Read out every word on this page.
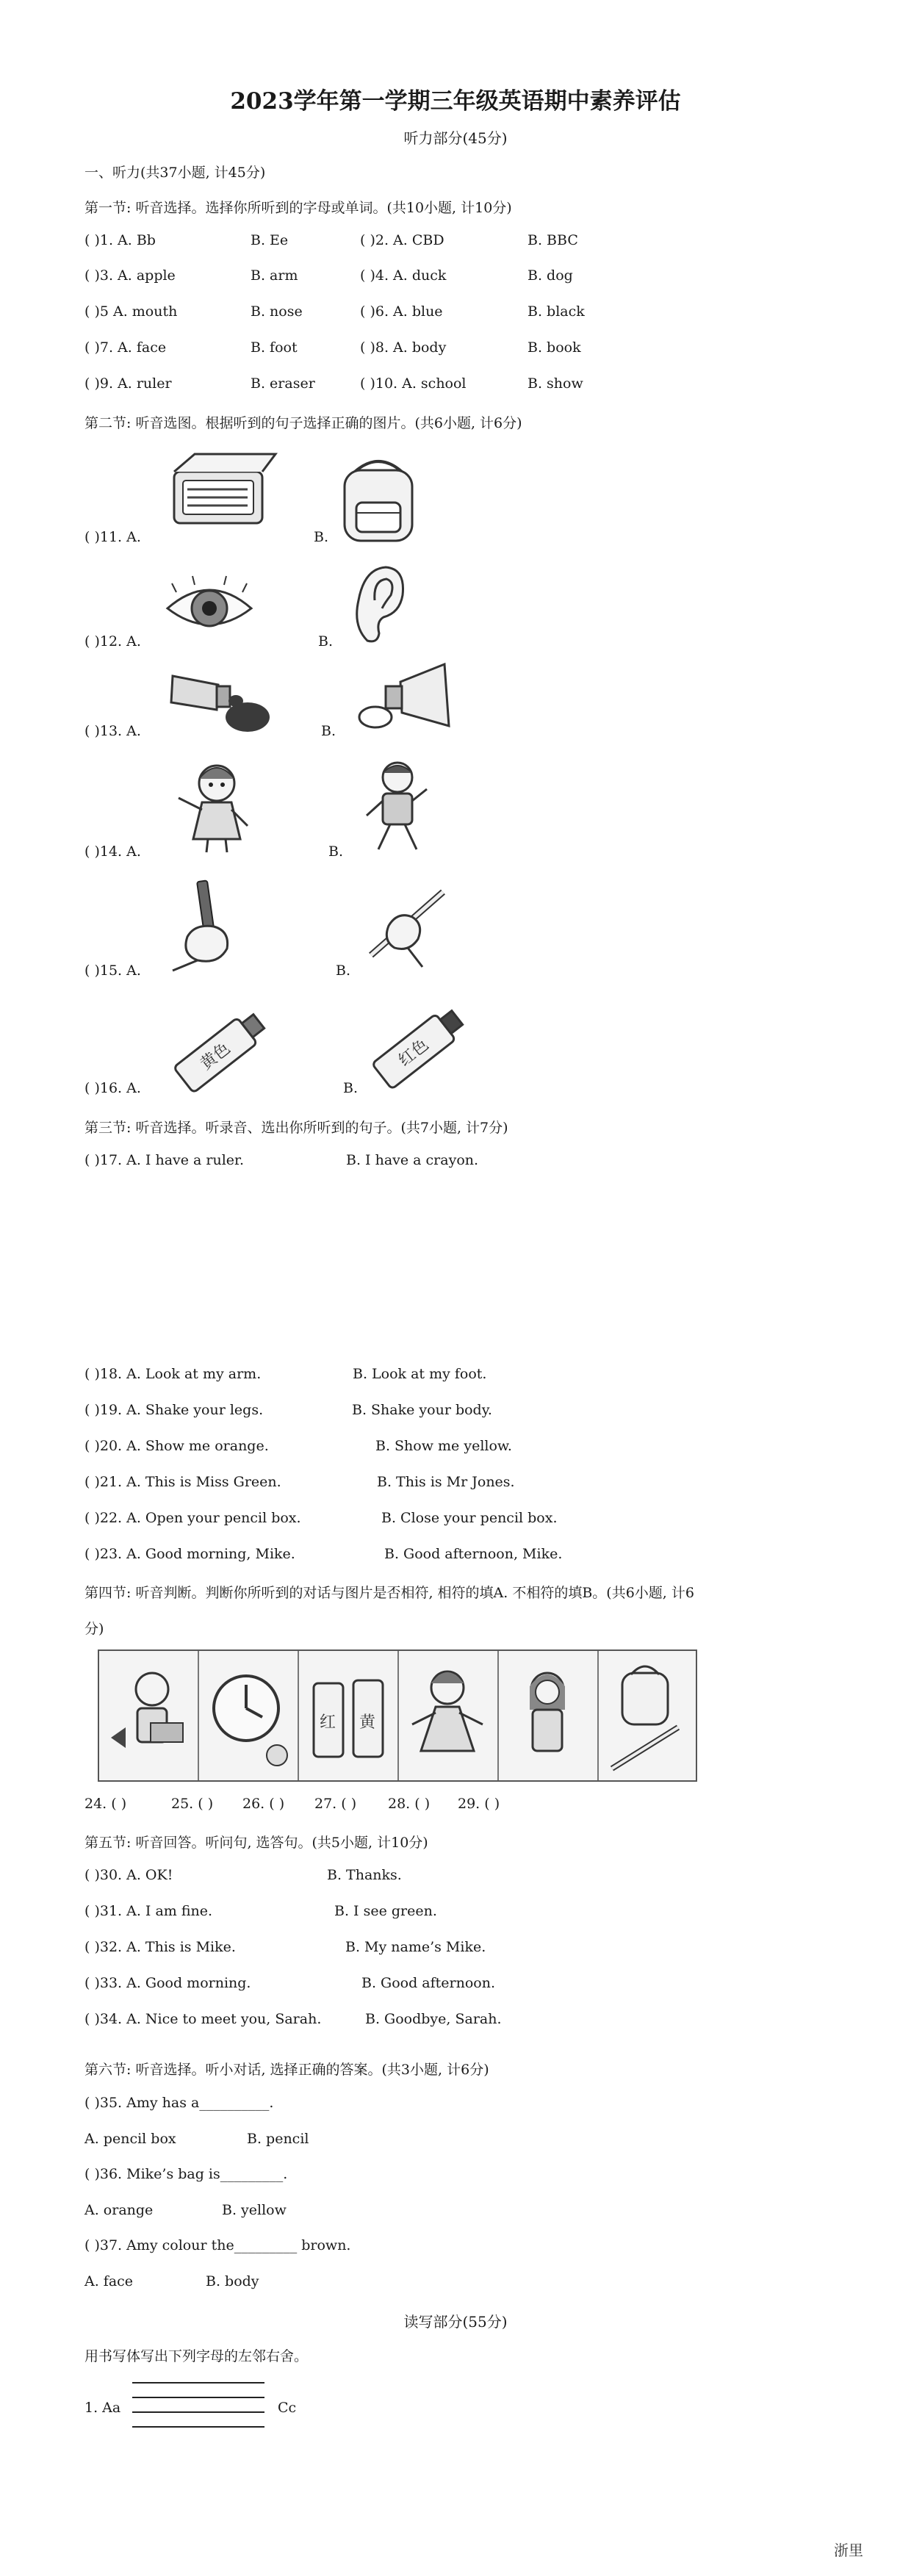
2023学年第一学期三年级英语期中素养评估
听力部分(45分)
一、听力(共37小题, 计45分)
第一节: 听音选择。选择你所听到的字母或单词。(共10小题, 计10分)
( )1. A. Bb	B. Ee	( )2. A. CBD	B. BBC
( )3. A. apple	B. arm	( )4. A. duck	B. dog
( )5 A. mouth	B. nose	( )6. A. blue	B. black
( )7. A. face	B. foot	( )8. A. body	B. book
( )9. A. ruler	B. eraser	( )10. A. school	B. show
第二节: 听音选图。根据听到的句子选择正确的图片。(共6小题, 计6分)
( )11. A.	B.
( )12. A.	B.
( )13. A.	B.
( )14. A.	B.
( )15. A.	B.
( )16. A.	B.
黄色	红色
第三节: 听音选择。听录音、选出你所听到的句子。(共7小题, 计7分)
( )17. A. I have a ruler.	B. I have a crayon.
( )18. A. Look at my arm.	B. Look at my foot.
( )19. A. Shake your legs.	B. Shake your body.
( )20. A. Show me orange.	B. Show me yellow.
( )21. A. This is Miss Green.	B. This is Mr Jones.
( )22. A. Open your pencil box.	B. Close your pencil box.
( )23. A. Good morning, Mike.	B. Good afternoon, Mike.
第四节: 听音判断。判断你所听到的对话与图片是否相符, 相符的填A. 不相符的填B。(共6小题, 计6
分)
红 黄
24. ( )	25. ( ) 26. ( ) 27. ( ) 28. ( ) 29. ( )
第五节: 听音回答。听问句, 选答句。(共5小题, 计10分)
( )30. A. OK!	B. Thanks.
( )31. A. I am fine.	B. I see green.
( )32. A. This is Mike.	B. My name’s Mike.
( )33. A. Good morning.	B. Good afternoon.
( )34. A. Nice to meet you, Sarah.	B. Goodbye, Sarah.
第六节: 听音选择。听小对话, 选择正确的答案。(共3小题, 计6分)
( )35. Amy has a__________.
A. pencil box	B. pencil
( )36. Mike’s bag is_________.
A. orange	B. yellow
( )37. Amy colour the_________ brown.
A. face	B. body
读写部分(55分)
用书写体写出下列字母的左邻右舍。
1. Aa	Cc
浙里
